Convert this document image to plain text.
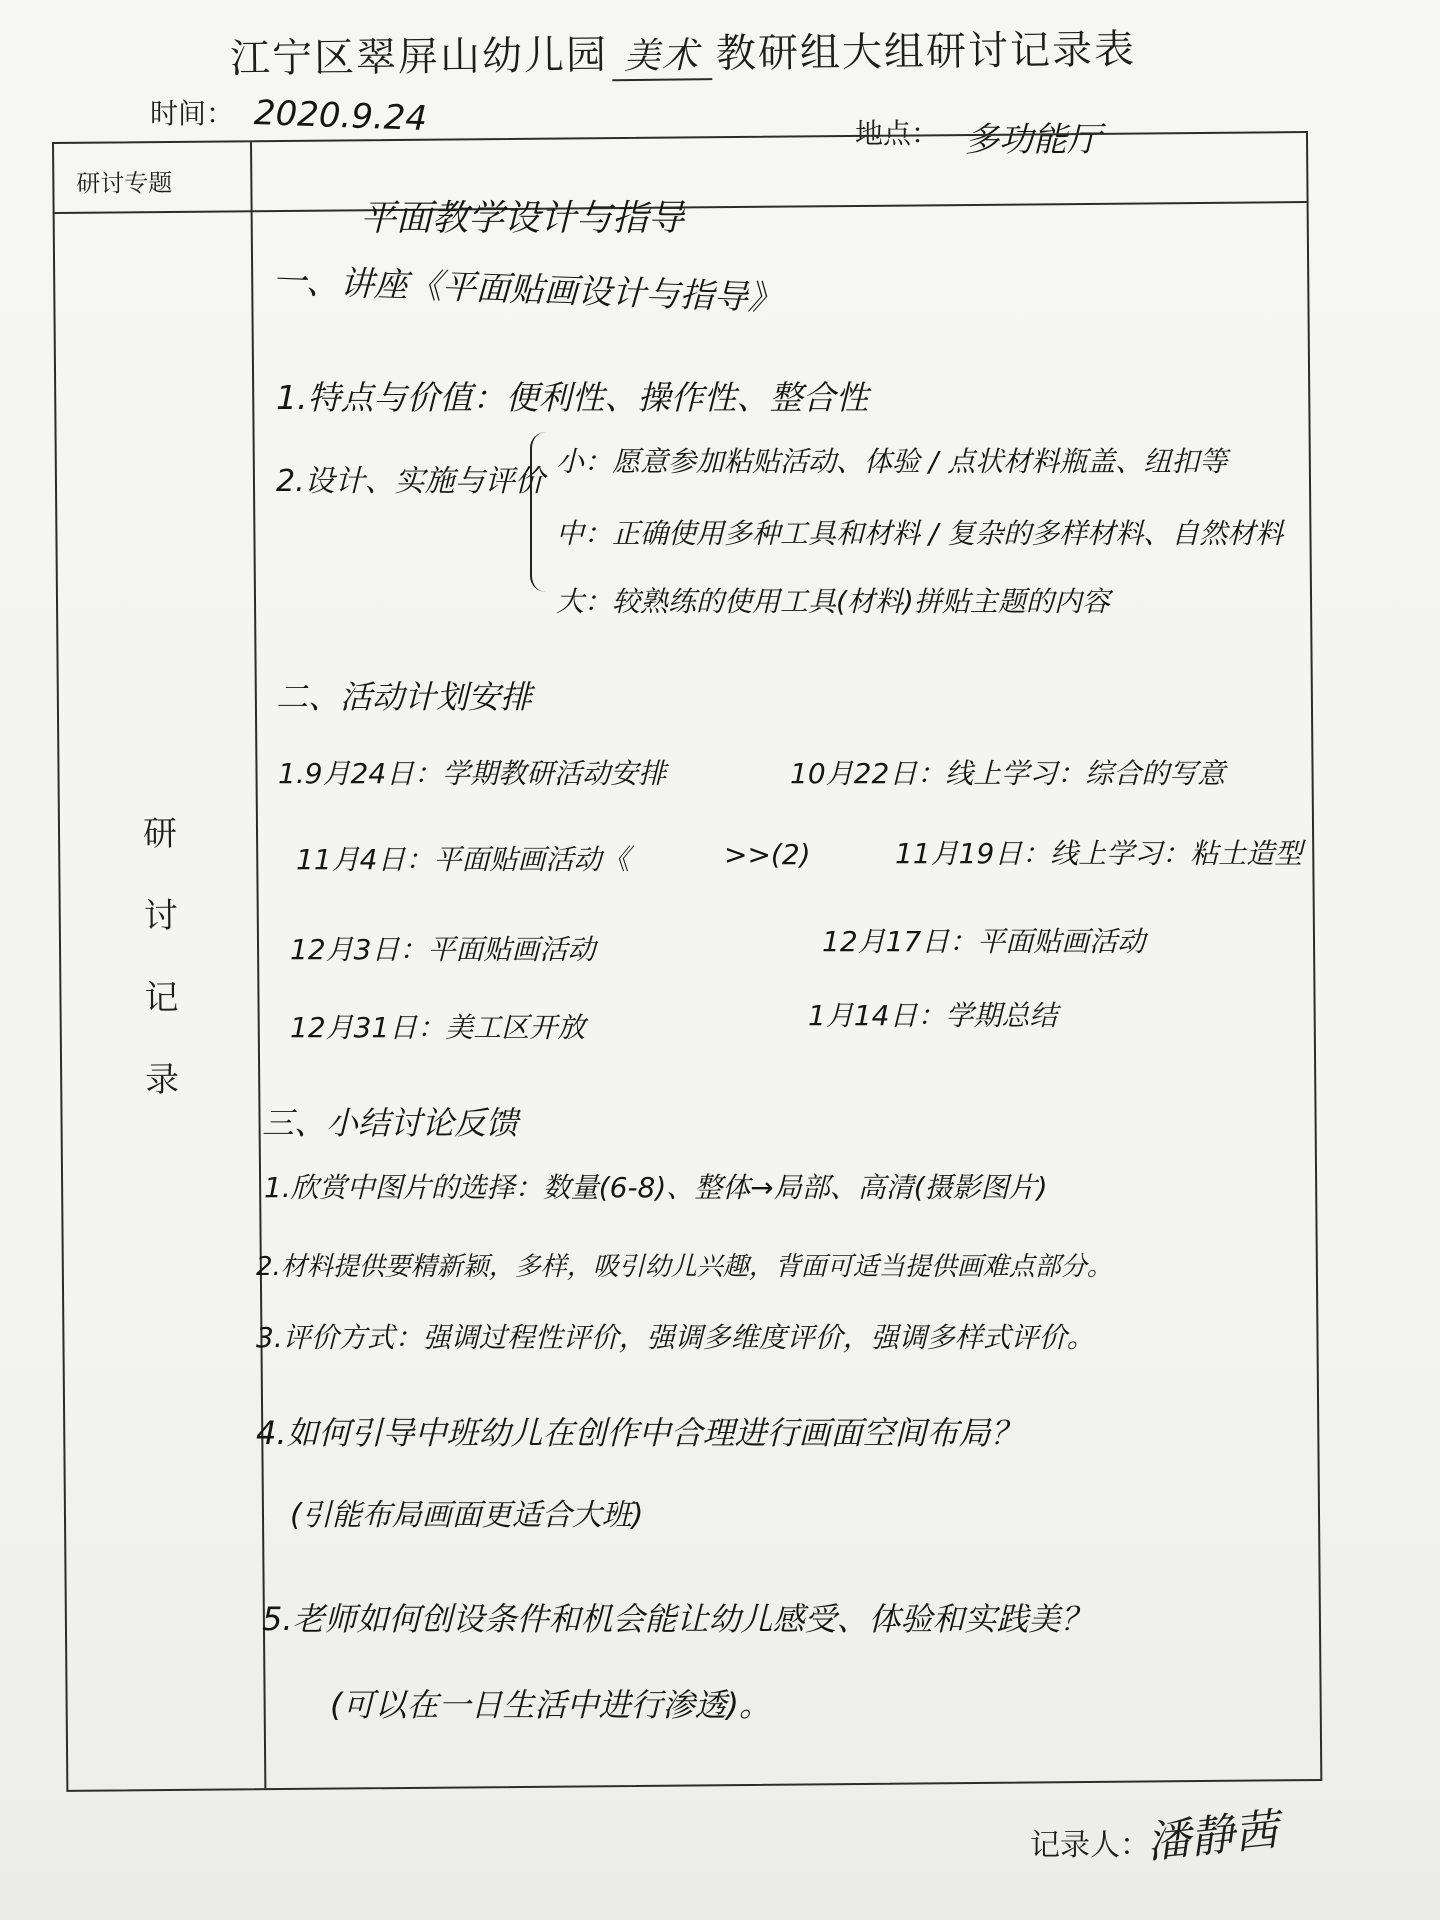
江宁区翠屏山幼儿园 美术 教研组大组研讨记录表
时间： 2020.9.24	地点： 多功能厅
研讨专题
研
讨
记
录
平面教学设计与指导
一、讲座《平面贴画设计与指导》
1.特点与价值：便利性、操作性、整合性
2.设计、实施与评价
小：愿意参加粘贴活动、体验 / 点状材料瓶盖、纽扣等
中：正确使用多种工具和材料 / 复杂的多样材料、自然材料
大：较熟练的使用工具(材料)拼贴主题的内容
二、活动计划安排
1.9月24日：学期教研活动安排	10月22日：线上学习：综合的写意
11月4日：平面贴画活动《	>>(2)	11月19日：线上学习：粘土造型
12月3日：平面贴画活动	12月17日：平面贴画活动
12月31日：美工区开放	1月14日：学期总结
三、小结讨论反馈
1.欣赏中图片的选择：数量(6-8)、整体→局部、高清(摄影图片)
2.材料提供要精新颖，多样，吸引幼儿兴趣，背面可适当提供画难点部分。
3.评价方式：强调过程性评价，强调多维度评价，强调多样式评价。
4.如何引导中班幼儿在创作中合理进行画面空间布局？
(引能布局画面更适合大班)
5.老师如何创设条件和机会能让幼儿感受、体验和实践美？
(可以在一日生活中进行渗透)。
记录人：
潘静茜
